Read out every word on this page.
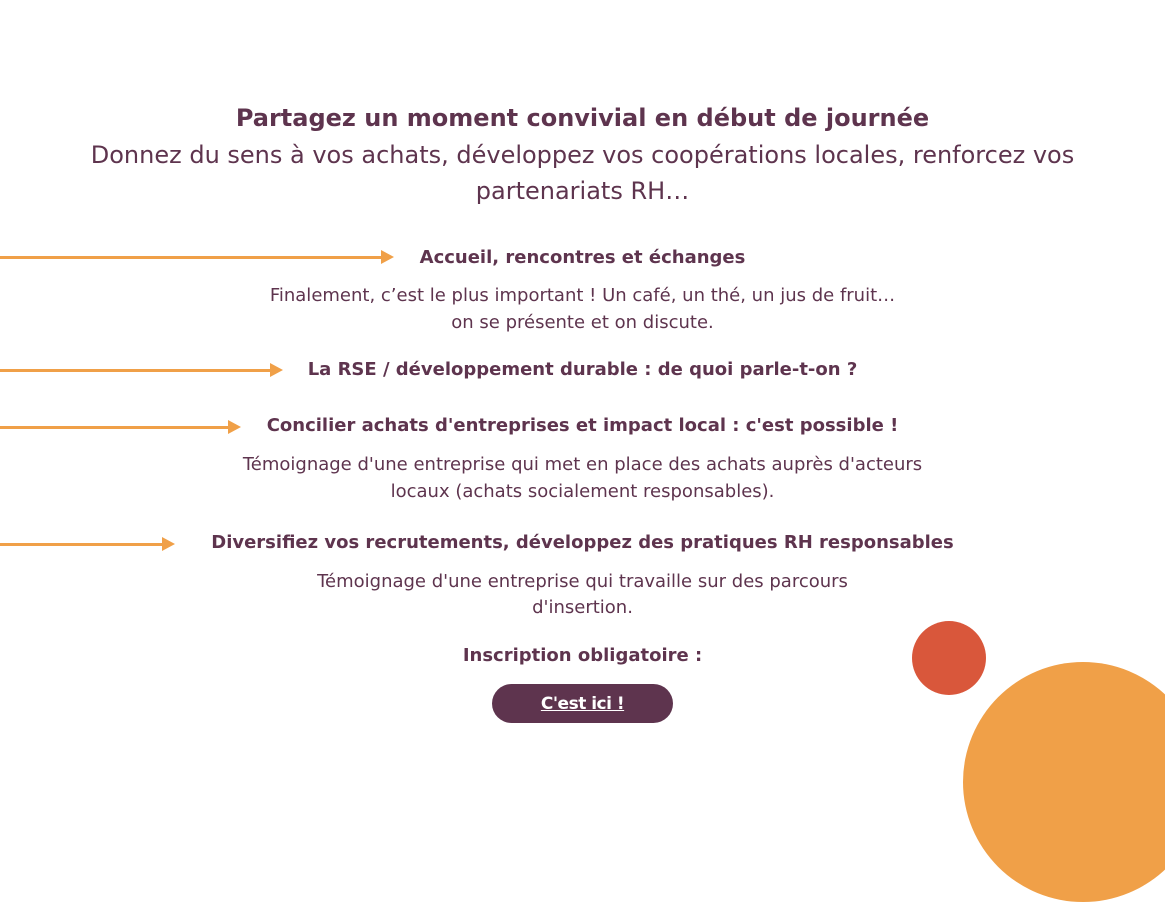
Partagez un moment convivial en début de journée
Donnez du sens à vos achats, développez vos coopérations locales, renforcez vos partenariats RH…
Accueil, rencontres et échanges
Finalement, c’est le plus important ! Un café, un thé, un jus de fruit…
on se présente et on discute.
La RSE / développement durable : de quoi parle-t-on ?
Concilier achats d'entreprises et impact local : c'est possible !
Témoignage d'une entreprise qui met en place des achats auprès d'acteurs
locaux (achats socialement responsables).
Diversifiez vos recrutements, développez des pratiques RH responsables
Témoignage d'une entreprise qui travaille sur des parcours
d'insertion.
Inscription obligatoire :
C'est ici !
